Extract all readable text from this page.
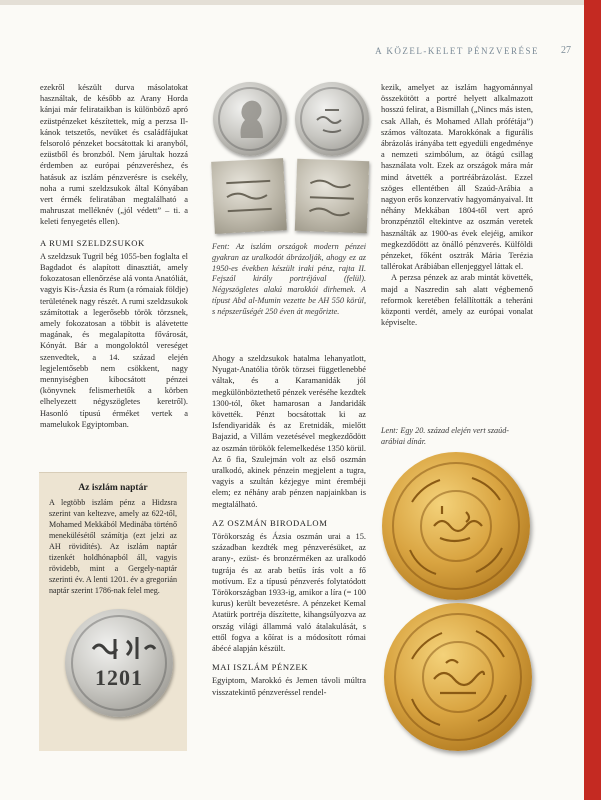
A KÖZEL-KELET PÉNZVERÉSE 27

ezekről készült durva másolatokat használtak, de később az Arany Horda kánjai már felirataikban is különböző apró ezüstpénzeket készítettek, míg a perzsa Il-kánok tetszetős, nevüket és családfájukat felsoroló pénzeket bocsátottak ki aranyból, ezüstből és bronzból. Nem járultak hozzá érdemben az európai pénzveréshez, és hatásuk az iszlám pénzverésre is csekély, noha a rumi szeldzsukok által Kónyában vert érmék feliratában megtalálható a mahruszat melléknév („jól védett” – ti. a keleti fenyegetés ellen).

A RUMI SZELDZSUKOK

A szeldzsuk Tugril bég 1055-ben foglalta el Bagdadot és alapított dinasztiát, amely fokozatosan ellenőrzése alá vonta Anatóliát, vagyis Kis-Ázsia és Rum (a rómaiak földje) területének nagy részét. A rumi szeldzsukok számítottak a legerősebb török törzsnek, amely fokozatosan a többit is alávetette magának, és megalapította fővárosát, Kónyát. Bár a mongoloktól vereséget szenvedtek, a 14. század elején legjelentősebb nem csökkent, nagy mennyiségben kibocsátott pénzei (könyvnek felismerhetők a körben elhelyezett négyszögletes keretről). Hasonló típusú érméket vertek a mamelukok Egyiptomban.

Az iszlám naptár
A legtöbb iszlám pénz a Hidzsra szerint van keltezve, amely az 622-től, Mohamed Mekkából Medinába történő menekülésétől számítja (ezt jelzi az AH rövidítés). Az iszlám naptár tizenkét holdhónapból áll, vagyis rövidebb, mint a Gergely-naptár szerinti év. A lenti 1201. év a gregorián naptár szerint 1786-nak felel meg.
1201
Fent: Az iszlám országok modern pénzei gyakran az uralkodót ábrázolják, ahogy ez az 1950-es években készült iraki pénz, rajta II. Fejszál király portréjával (felül). Négyszögletes alakú marokkói dirhemek. A típust Abd al-Mumin vezette be AH 550 körül, s népszerűségét 250 éven át megőrizte.

Ahogy a szeldzsukok hatalma lehanyatlott, Nyugat-Anatólia török törzsei függetlenebbé váltak, és a Karamanidák jól megkülönböztethető pénzek veréséhe kezdtek 1300-tól, őket hamarosan a Jandaridák követték. Pénzt bocsátottak ki az Isfendiyaridák és az Eretnidák, mielőtt Bajazid, a Villám vezetésével megkezdődött az oszmán törökök felemelkedése 1350 körül. Az ő fia, Szulejmán volt az első oszmán uralkodó, akinek pénzein megjelent a tugra, vagyis a szultán kézjegye mint érembéji elem; ez néhány arab pénzen napjainkban is megtalálható.

AZ OSZMÁN BIRODALOM

Törökország és Ázsia oszmán urai a 15. században kezdték meg pénzverésüket, az arany-, ezüst- és bronzérméken az uralkodó tugrája és az arab betűs írás volt a fő motívum. Ez a típusú pénzverés folytatódott Törökországban 1933-ig, amikor a líra (= 100 kurus) került bevezetésre. A pénzeket Kemal Atatürk portréja díszítette, kihangsúlyozva az ország világi állammá való átalakulását, s ettől fogva a kőírat is a módosított római ábécé alapján készült.

MAI ISZLÁM PÉNZEK

Egyiptom, Marokkó és Jemen távoli múltra visszatekintő pénzveréssel rendel-

kezik, amelyet az iszlám hagyománnyal összekötött a portré helyett alkalmazott hosszú felirat, a Bismillah („Nincs más isten, csak Allah, és Mohamed Allah prófétája”) számos változata. Marokkónak a figurális ábrázolás irányába tett egyedüli engedménye a nemzeti szimbólum, az ötágú csillag használata volt. Ezek az országok mára már mind átvették a portréábrázolást. Ezzel szöges ellentétben áll Szaúd-Arábia a nagyon erős konzervatív hagyományaival. Itt néhány Mekkában 1804-től vert apró bronzpénztől eltekintve az oszmán veretek használták az 1900-as évek elejéig, amikor megkezdődött az önálló pénzverés. Külföldi pénzeket, főként osztrák Mária Terézia tallérokat Arábiában ellenjeggyel láttak el.

A perzsa pénzek az arab mintát követték, majd a Naszredin sah alatt végbemenő reformok keretében felállították a teheráni központi verdét, amely az európai vonalat képviselte.

Lent: Egy 20. század elején vert szaúd-arábiai dínár.
